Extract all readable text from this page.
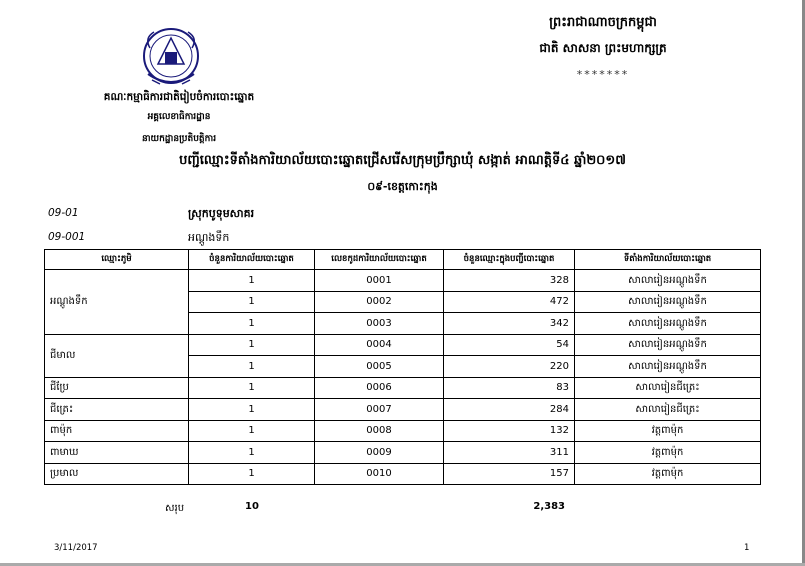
គណៈកម្មាធិការជាតិរៀបចំការបោះឆ្នោត
អគ្គលេខាធិការដ្ឋាន
នាយកដ្ឋានប្រតិបត្តិការ
ព្រះរាជាណាចក្រកម្ពុជា
ជាតិ សាសនា ព្រះមហាក្សត្រ
*******
បញ្ជីឈ្មោះទីតាំងការិយាល័យបោះឆ្នោតជ្រើសរើសក្រុមប្រឹក្សាឃុំ សង្កាត់ អាណត្តិទី៤ ឆ្នាំ២០១៧
០៩-ខេត្តកោះកុង
09-01	ស្រុកបូទុមសាគរ
09-001	អណ្តូងទឹក
ឈ្មោះភូមិ	ចំនួនការិយាល័យបោះឆ្នោត	លេខកូដការិយាល័យបោះឆ្នោត	ចំនួនឈ្មោះក្នុងបញ្ជីបោះឆ្នោត	ទីតាំងការិយាល័យបោះឆ្នោត
អណ្តូងទឹក	1	0001	328	សាលារៀនអណ្តូងទឹក
	1	0002	472	សាលារៀនអណ្តូងទឹក
	1	0003	342	សាលារៀនអណ្តូងទឹក
ជីមាល	1	0004	54	សាលារៀនអណ្តូងទឹក
	1	0005	220	សាលារៀនអណ្តូងទឹក
ជីប្រែ	1	0006	83	សាលារៀនជីត្រេះ
ជីត្រេះ	1	0007	284	សាលារៀនជីត្រេះ
ពាម៉ុក	1	0008	132	វត្តពាម៉ុក
ពាមាឃ	1	0009	311	វត្តពាម៉ុក
ប្រមាល	1	0010	157	វត្តពាម៉ុក
សរុប	10	2,383
3/11/2017	1
